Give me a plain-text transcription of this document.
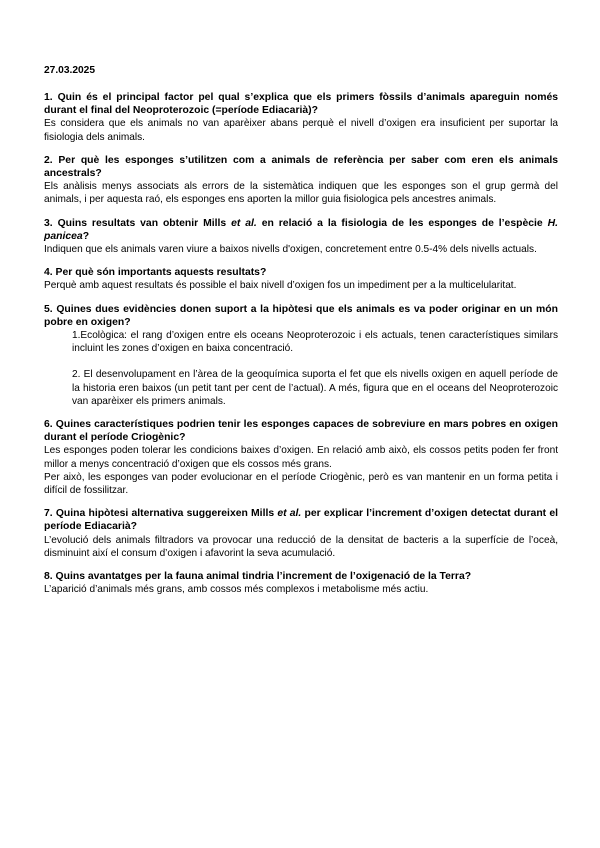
27.03.2025

1. Quin és el principal factor pel qual s’explica que els primers fòssils d’animals apareguin només durant el final del Neoproterozoic (=període Ediacarià)?

Es considera que els animals no van aparèixer abans perquè el nivell d’oxigen era insuficient per suportar la fisiologia dels animals.

2. Per què les esponges s’utilitzen com a animals de referència per saber com eren els animals ancestrals?

Els anàlisis menys associats als errors de la sistemàtica indiquen que les esponges son el grup germà del animals, i per aquesta raó, els esponges ens aporten la millor guia fisiologica pels ancestres animals.

3. Quins resultats van obtenir Mills et al. en relació a la fisiologia de les esponges de l’espècie H. panicea?

Indiquen que els animals varen viure a baixos nivells d'oxigen, concretement entre 0.5-4% dels nivells actuals.

4. Per què són importants aquests resultats?

Perquè amb aquest resultats és possible el baix nivell d’oxigen fos un impediment per a la multicelularitat.

5. Quines dues evidències donen suport a la hipòtesi que els animals es va poder originar en un món pobre en oxigen?

1.Ecològica: el rang d’oxigen entre els oceans Neoproterozoic i els actuals, tenen característiques similars incluint les zones d’oxigen en baixa concentració.

2. El desenvolupament en l’àrea de la geoquímica suporta el fet que els nivells oxigen en aquell període de la historia eren baixos (un petit tant per cent de l’actual). A més, figura que en el oceans del Neoproterozoic van aparèixer els primers animals.

6. Quines característiques podrien tenir les esponges capaces de sobreviure en mars pobres en oxigen durant el període Criogènic?

Les esponges poden tolerar les condicions baixes d’oxigen. En relació amb això, els cossos petits poden fer front millor a menys concentració d’oxigen que els cossos més grans.

Per això, les esponges van poder evolucionar en el període Criogènic, però es van mantenir en un forma petita i difícil de fossilitzar.

7. Quina hipòtesi alternativa suggereixen Mills et al. per explicar l’increment d’oxigen detectat durant el període Ediacarià?

L’evolució dels animals filtradors va provocar una reducció de la densitat de bacteris a la superfície de l’oceà, disminuint així el consum d’oxigen i afavorint la seva acumulació.

8. Quins avantatges per la fauna animal tindria l’increment de l’oxigenació de la Terra?

L’aparició d’animals més grans, amb cossos més complexos i metabolisme més actiu.
